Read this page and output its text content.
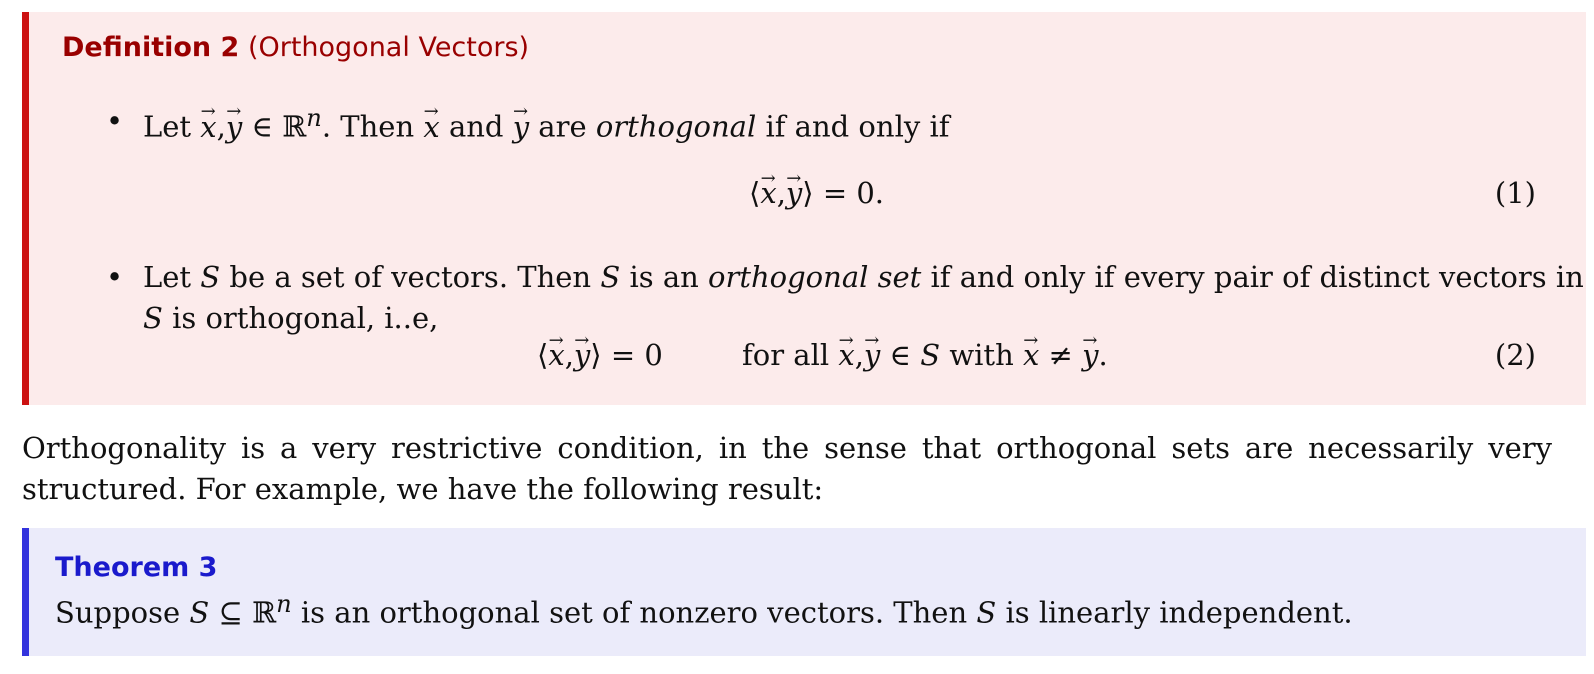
Definition 2 (Orthogonal Vectors)
• Let x →,y → ∈ ℝ$^n$. Then x → and y → are orthogonal if and only if
⟨x →,y →⟩ = 0.	(1)
• Let S be a set of vectors. Then S is an orthogonal set if and only if every pair of distinct vectors in
S is orthogonal, i..e,
⟨x →,y →⟩ = 0	for all x →,y → ∈ S with x → ≠ y →.	(2)
Orthogonality is a very restrictive condition, in the sense that orthogonal sets are necessarily very structured. For example, we have the following result:
Theorem 3
Suppose S ⊆ ℝ$^n$ is an orthogonal set of nonzero vectors. Then S is linearly independent.
